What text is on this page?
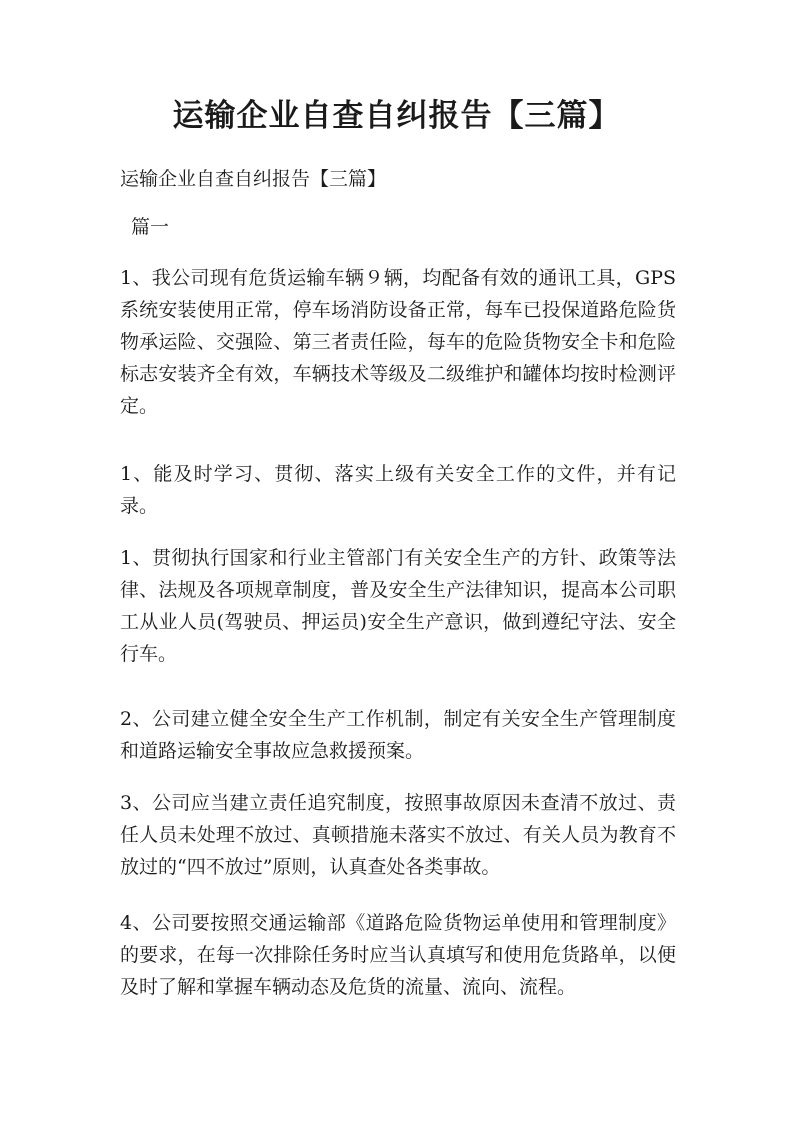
运输企业自查自纠报告【三篇】

运输企业自查自纠报告【三篇】

篇一

1、我公司现有危货运输车辆９辆，均配备有效的通讯工具，GPS系统安装使用正常，停车场消防设备正常，每车已投保道路危险货物承运险、交强险、第三者责任险，每车的危险货物安全卡和危险标志安装齐全有效，车辆技术等级及二级维护和罐体均按时检测评定。

1、能及时学习、贯彻、落实上级有关安全工作的文件，并有记录。

1、贯彻执行国家和行业主管部门有关安全生产的方针、政策等法律、法规及各项规章制度，普及安全生产法律知识，提高本公司职工从业人员(驾驶员、押运员)安全生产意识，做到遵纪守法、安全行车。

2、公司建立健全安全生产工作机制，制定有关安全生产管理制度和道路运输安全事故应急救援预案。

3、公司应当建立责任追究制度，按照事故原因未查清不放过、责任人员未处理不放过、真顿措施未落实不放过、有关人员为教育不放过的“四不放过”原则，认真查处各类事故。

4、公司要按照交通运输部《道路危险货物运单使用和管理制度》的要求，在每一次排除任务时应当认真填写和使用危货路单，以便及时了解和掌握车辆动态及危货的流量、流向、流程。
